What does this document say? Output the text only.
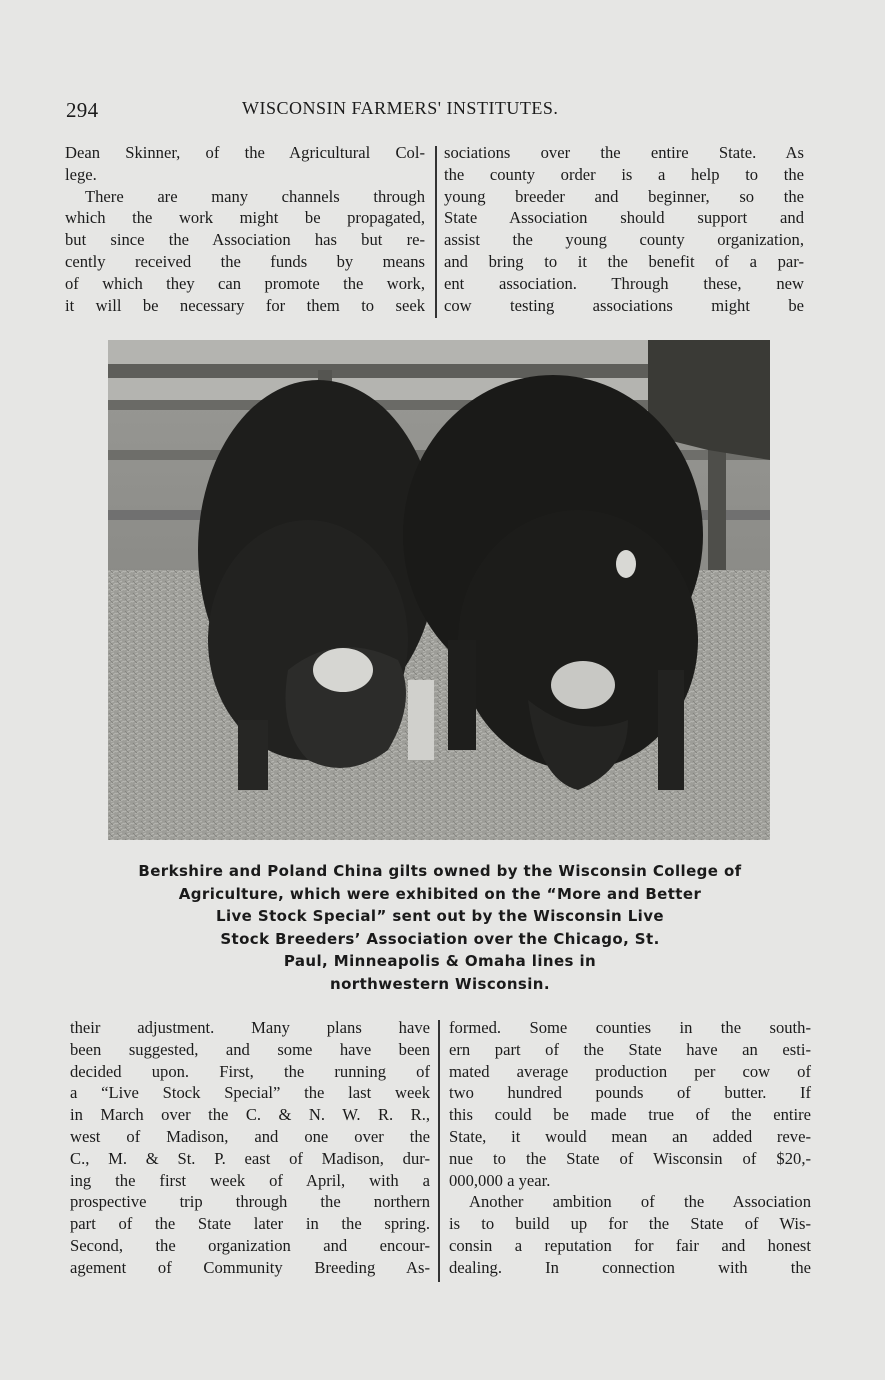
294	WISCONSIN FARMERS' INSTITUTES.
Dean Skinner, of the Agricultural Col-
lege.
There are many channels through
which the work might be propagated,
but since the Association has but re-
cently received the funds by means
of which they can promote the work,
it will be necessary for them to seek
sociations over the entire State. As
the county order is a help to the
young breeder and beginner, so the
State Association should support and
assist the young county organization,
and bring to it the benefit of a par-
ent association. Through these, new
cow testing associations might be
Berkshire and Poland China gilts owned by the Wisconsin College of
Agriculture, which were exhibited on the “More and Better
Live Stock Special” sent out by the Wisconsin Live
Stock Breeders’ Association over the Chicago, St.
Paul, Minneapolis & Omaha lines in
northwestern Wisconsin.
their adjustment. Many plans have
been suggested, and some have been
decided upon. First, the running of
a “Live Stock Special” the last week
in March over the C. & N. W. R. R.,
west of Madison, and one over the
C., M. & St. P. east of Madison, dur-
ing the first week of April, with a
prospective trip through the northern
part of the State later in the spring.
Second, the organization and encour-
agement of Community Breeding As-
formed. Some counties in the south-
ern part of the State have an esti-
mated average production per cow of
two hundred pounds of butter. If
this could be made true of the entire
State, it would mean an added reve-
nue to the State of Wisconsin of $20,-
000,000 a year.
Another ambition of the Association
is to build up for the State of Wis-
consin a reputation for fair and honest
dealing. In connection with the
